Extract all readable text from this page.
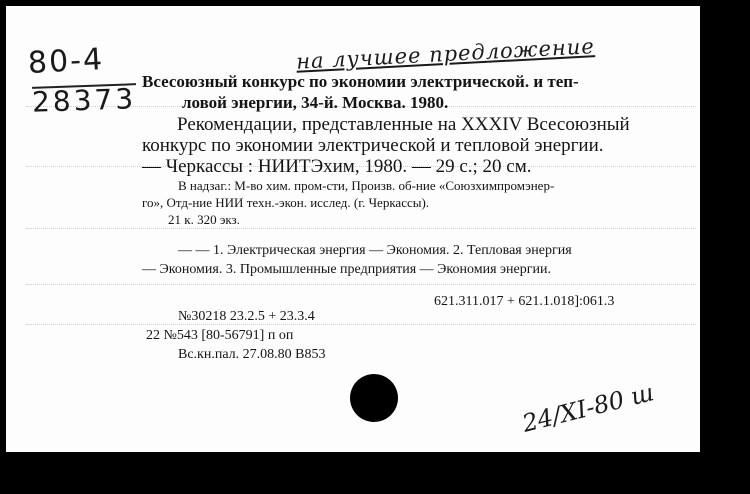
80-4
28373
на лучшее предложение
Всесоюзный конкурс по экономии электрической. и теп-
ловой энергии, 34-й. Москва. 1980.
Рекомендации, представленные на XXXIV Всесоюзный
конкурс по экономии электрической и тепловой энергии.
— Черкассы : НИИТЭхим, 1980. — 29 с.; 20 см.
В надзаг.: М-во хим. пром-сти, Произв. об-ние «Союзхимпромэнер-
го», Отд-ние НИИ техн.-экон. исслед. (г. Черкассы).
21 к. 320 экз.
— — 1. Электрическая энергия — Экономия. 2. Тепловая энергия
— Экономия. 3. Промышленные предприятия — Экономия энергии.
621.311.017 + 621.1.018]:061.3
№30218 23.2.5 + 23.3.4
22 №543 [80-56791] п оп
Вс.кн.пал. 27.08.80 В853
24/XI-80 ш
